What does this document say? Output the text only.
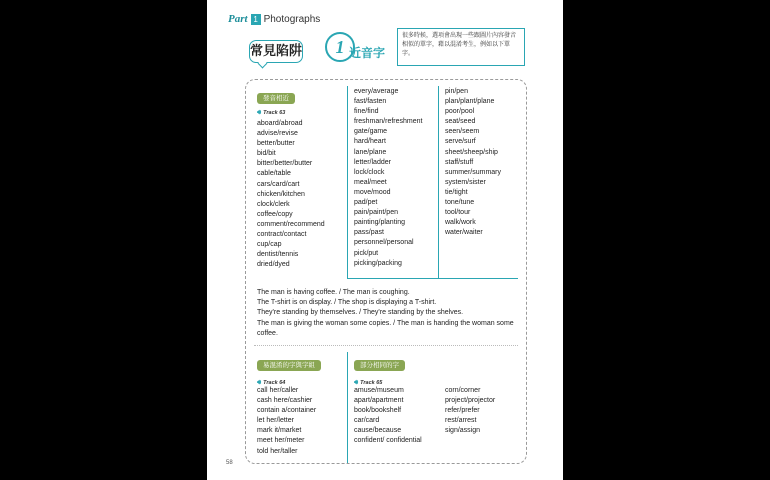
Part 1 Photographs
常見陷阱	1 近音字
很多時候，選項會出現一些跟圖片內容發音相似的單字，藉以混淆考生，例如以下單字。
發音相近
🔊︎ Track 63
aboard/abroad
advise/revise
better/butter
bid/bit
bitter/better/butter
cable/table
cars/card/cart
chicken/kitchen
clock/clerk
coffee/copy
comment/recommend
contract/contact
cup/cap
dentist/tennis
dried/dyed
every/average
fast/fasten
fine/find
freshman/refreshment
gate/game
hard/heart
lane/plane
letter/ladder
lock/clock
meal/meet
move/mood
pad/pet
pain/paint/pen
painting/planting
pass/past
personnel/personal
pick/put
picking/packing
pin/pen
plan/plant/plane
poor/pool
seat/seed
seen/seem
serve/surf
sheet/sheep/ship
staff/stuff
summer/summary
system/sister
tie/tight
tone/tune
tool/tour
walk/work
water/waiter
The man is having coffee. / The man is coughing.
The T-shirt is on display. / The shop is displaying a T-shirt.
They're standing by themselves. / They're standing by the shelves.
The man is giving the woman some copies. / The man is handing the woman some coffee.
易混淆的字與字組
🔊︎ Track 64
call her/caller
cash here/cashier
contain a/container
let her/letter
mark it/market
meet her/meter
told her/taller
部分相同的字
🔊︎ Track 65
amuse/museum
apart/apartment
book/bookshelf
car/card
cause/because
confident/ confidential
corn/corner
project/projector
refer/prefer
rest/arrest
sign/assign
58
